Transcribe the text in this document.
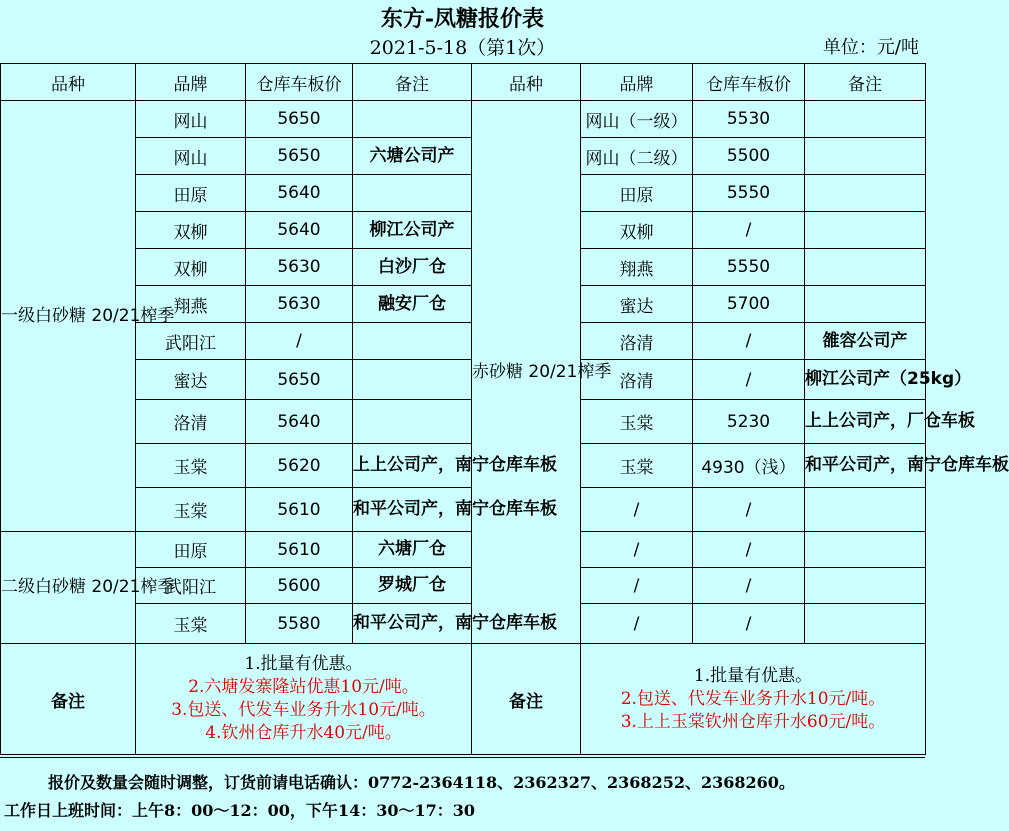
东方-凤糖报价表
2021-5-18（第1次）	单位：元/吨
品种	品牌	仓库车板价	备注	品种	品牌	仓库车板价	备注
一级白砂糖 20/21榨季	网山	5650		赤砂糖 20/21榨季	网山（一级）	5530	
	网山	5650	六塘公司产		网山（二级）	5500	
	田原	5640			田原	5550	
	双柳	5640	柳江公司产		双柳	/	
	双柳	5630	白沙厂仓		翔燕	5550	
	翔燕	5630	融安厂仓		蜜达	5700	
	武阳江	/			洛清	/	雒容公司产
	蜜达	5650			洛清	/	柳江公司产（25kg）
	洛清	5640			玉棠	5230	上上公司产，厂仓车板
	玉棠	5620	上上公司产，南宁仓库车板		玉棠	4930（浅）	和平公司产，南宁仓库车板
	玉棠	5610	和平公司产，南宁仓库车板		/	/	
二级白砂糖 20/21榨季	田原	5610	六塘厂仓		/	/	
	武阳江	5600	罗城厂仓		/	/	
	玉棠	5580	和平公司产，南宁仓库车板		/	/	
备注	1.批量有优惠。
2.六塘发寨隆站优惠10元/吨。
3.包送、代发车业务升水10元/吨。
4.钦州仓库升水40元/吨。			备注	1.批量有优惠。
2.包送、代发车业务升水10元/吨。
3.上上玉棠钦州仓库升水60元/吨。		
报价及数量会随时调整，订货前请电话确认：0772-2364118、2362327、2368252、2368260。
工作日上班时间：上午8：00～12：00，下午14：30～17：30
